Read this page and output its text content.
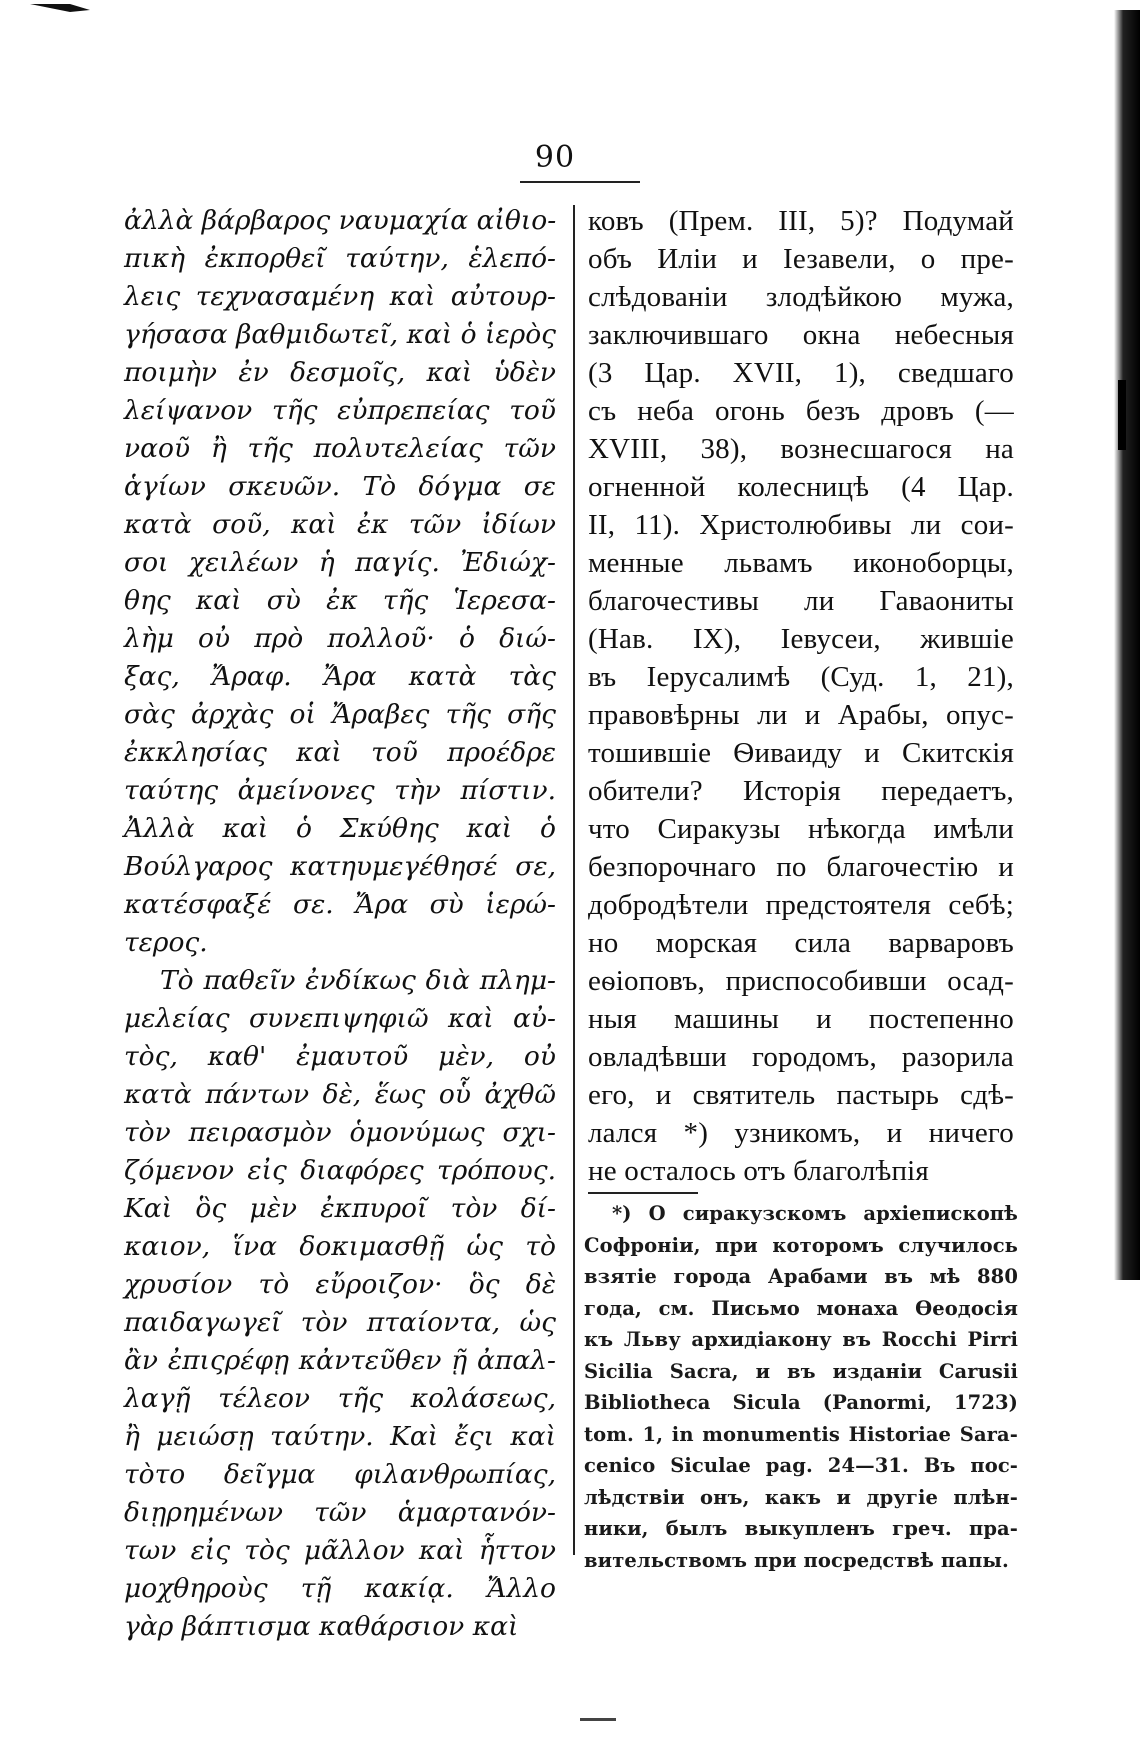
90
ἀλλὰ βάρβαρος ναυμαχία αἰθιο-
πικὴ ἐκπορθεῖ ταύτην, ἑλεπό-
λεις τεχνασαμένη καὶ αὐτουρ-
γήσασα βαθμιδωτεῖ, καὶ ὁ ἱερὸς
ποιμὴν ἐν δεσμοῖς, καὶ ὑδὲν
λείψανον τῆς εὐπρεπείας τοῦ
ναοῦ ἢ τῆς πολυτελείας τῶν
ἁγίων σκευῶν. Τὸ δόγμα σε
κατὰ σοῦ, καὶ ἐκ τῶν ἰδίων
σοι χειλέων ἡ παγίς. Ἐδιώχ-
θης καὶ σὺ ἐκ τῆς Ἱερεσα-
λὴμ οὐ πρὸ πολλοῦ· ὁ διώ-
ξας, Ἄραφ. Ἄρα κατὰ τὰς
σὰς ἀρχὰς οἱ Ἄραβες τῆς σῆς
ἐκκλησίας καὶ τοῦ προέδρε
ταύτης ἀμείνονες τὴν πίστιν.
Ἀλλὰ καὶ ὁ Σκύθης καὶ ὁ
Βούλγαρος κατηυμεγέθησέ σε,
κατέσφαξέ σε. Ἄρα σὺ ἱερώ-
τερος.
Τὸ παθεῖν ἐνδίκως διὰ πλημ-
μελείας συνεπιψηφιῶ καὶ αὐ-
τὸς, καθ' ἐμαυτοῦ μὲν, οὐ
κατὰ πάντων δὲ, ἕως οὗ ἀχθῶ
τὸν πειρασμὸν ὁμονύμως σχι-
ζόμενον εἰς διαφόρες τρόπους.
Καὶ ὃς μὲν ἐκπυροῖ τὸν δί-
καιον, ἵνα δοκιμασθῇ ὡς τὸ
χρυσίον τὸ εὔροιζον· ὃς δὲ
παιδαγωγεῖ τὸν πταίοντα, ὡς
ἂν ἐπιςρέφῃ κἀντεῦθεν ῇ ἀπαλ-
λαγῇ τέλεον τῆς κολάσεως,
ἢ μειώσῃ ταύτην. Καὶ ἔςι καὶ
τὸτο δεῖγμα φιλανθρωπίας,
διῃρημένων τῶν ἁμαρτανόν-
των εἰς τὸς μᾶλλον καὶ ἧττον
μοχθηροὺς τῇ κακίᾳ. Ἄλλο
γὰρ βάπτισμα καθάρσιον καὶ
ковъ (Прем. III, 5)? Подумай
объ Иліи и Іезавели, о пре-
слѣдованіи злодѣйкою мужа,
заключившаго окна небесныя
(3 Цар. XVII, 1), сведшаго
съ неба огонь безъ дровъ (—
XVIII, 38), вознесшагося на
огненной колесницѣ (4 Цар.
II, 11). Христолюбивы ли сои-
менные львамъ иконоборцы,
благочестивы ли Гаваониты
(Нав. IX), Іевусеи, жившіе
въ Іерусалимѣ (Суд. 1, 21),
правовѣрны ли и Арабы, опус-
тошившіе Ѳиваиду и Скитскія
обители? Исторія передаетъ,
что Сиракузы нѣкогда имѣли
безпорочнаго по благочестію и
добродѣтели предстоятеля себѣ;
но морская сила варваровъ
еѳіоповъ, приспособивши осад-
ныя машины и постепенно
овладѣвши городомъ, разорила
его, и святитель пастырь сдѣ-
лался *) узникомъ, и ничего
не осталось отъ благолѣпія
*) О сиракузскомъ архіепископѣ
Софроніи, при которомъ случилось
взятіе города Арабами въ мѣ 880
года, см. Письмо монаха Ѳеодосія
къ Льву архидіакону въ Rocchi Pirri
Sicilia Sacra, и въ изданіи Carusii
Bibliotheca Sicula (Panormi, 1723)
tom. 1, in monumentis Historiae Sara-
cenico Siculae pag. 24—31. Въ пос-
лѣдствіи онъ, какъ и другіе плѣн-
ники, былъ выкупленъ греч. пра-
вительствомъ при посредствѣ папы.
